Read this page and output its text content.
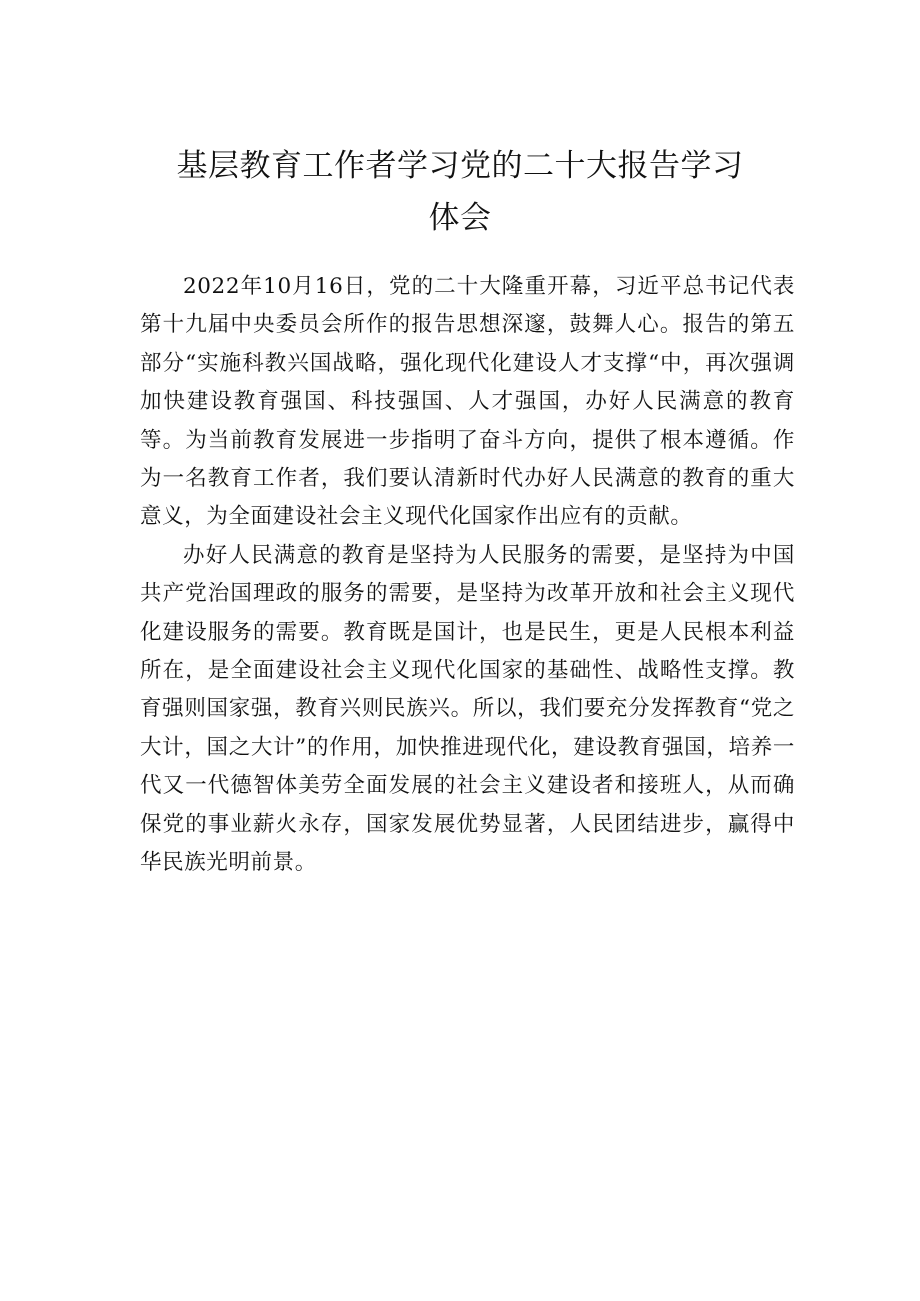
基层教育工作者学习党的二十大报告学习
体会

2022年10月16日，党的二十大隆重开幕，习近平总书记代表第十九届中央委员会所作的报告思想深邃，鼓舞人心。报告的第五部分“实施科教兴国战略，强化现代化建设人才支撑“中，再次强调加快建设教育强国、科技强国、人才强国，办好人民满意的教育等。为当前教育发展进一步指明了奋斗方向，提供了根本遵循。作为一名教育工作者，我们要认清新时代办好人民满意的教育的重大意义，为全面建设社会主义现代化国家作出应有的贡献。

办好人民满意的教育是坚持为人民服务的需要，是坚持为中国共产党治国理政的服务的需要，是坚持为改革开放和社会主义现代化建设服务的需要。教育既是国计，也是民生，更是人民根本利益所在，是全面建设社会主义现代化国家的基础性、战略性支撑。教育强则国家强，教育兴则民族兴。所以，我们要充分发挥教育“党之大计，国之大计”的作用，加快推进现代化，建设教育强国，培养一代又一代德智体美劳全面发展的社会主义建设者和接班人，从而确保党的事业薪火永存，国家发展优势显著，人民团结进步，赢得中华民族光明前景。
